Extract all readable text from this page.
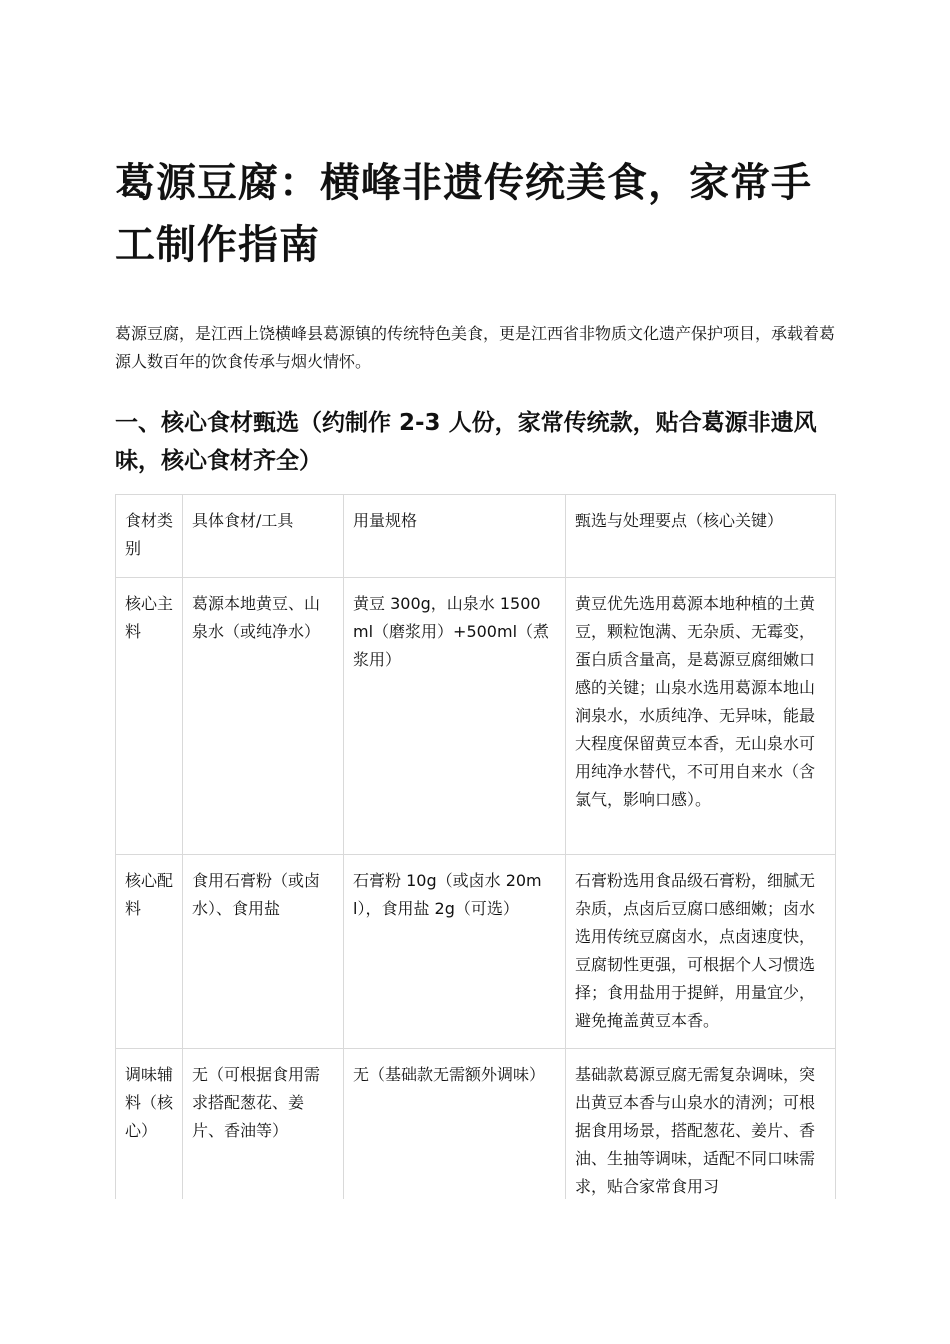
葛源豆腐：横峰非遗传统美食，家常手工制作指南

葛源豆腐，是江西上饶横峰县葛源镇的传统特色美食，更是江西省非物质文化遗产保护项目，承载着葛源人数百年的饮食传承与烟火情怀。

一、核心食材甄选（约制作 2-3 人份，家常传统款，贴合葛源非遗风味，核心食材齐全）
食材类别	具体食材/工具	用量规格	甄选与处理要点（核心关键）
核心主料	葛源本地黄豆、山泉水（或纯净水）	黄豆 300g，山泉水 1500ml（磨浆用）+500ml（煮浆用）	黄豆优先选用葛源本地种植的土黄豆，颗粒饱满、无杂质、无霉变，蛋白质含量高，是葛源豆腐细嫩口感的关键；山泉水选用葛源本地山涧泉水，水质纯净、无异味，能最大程度保留黄豆本香，无山泉水可用纯净水替代，不可用自来水（含氯气，影响口感）。
核心配料	食用石膏粉（或卤水）、食用盐	石膏粉 10g（或卤水 20ml），食用盐 2g（可选）	石膏粉选用食品级石膏粉，细腻无杂质，点卤后豆腐口感细嫩；卤水选用传统豆腐卤水，点卤速度快，豆腐韧性更强，可根据个人习惯选择；食用盐用于提鲜，用量宜少，避免掩盖黄豆本香。
调味辅料（核心）	无（可根据食用需求搭配葱花、姜片、香油等）	无（基础款无需额外调味）	基础款葛源豆腐无需复杂调味，突出黄豆本香与山泉水的清洌；可根据食用场景，搭配葱花、姜片、香油、生抽等调味，适配不同口味需求，贴合家常食用习
